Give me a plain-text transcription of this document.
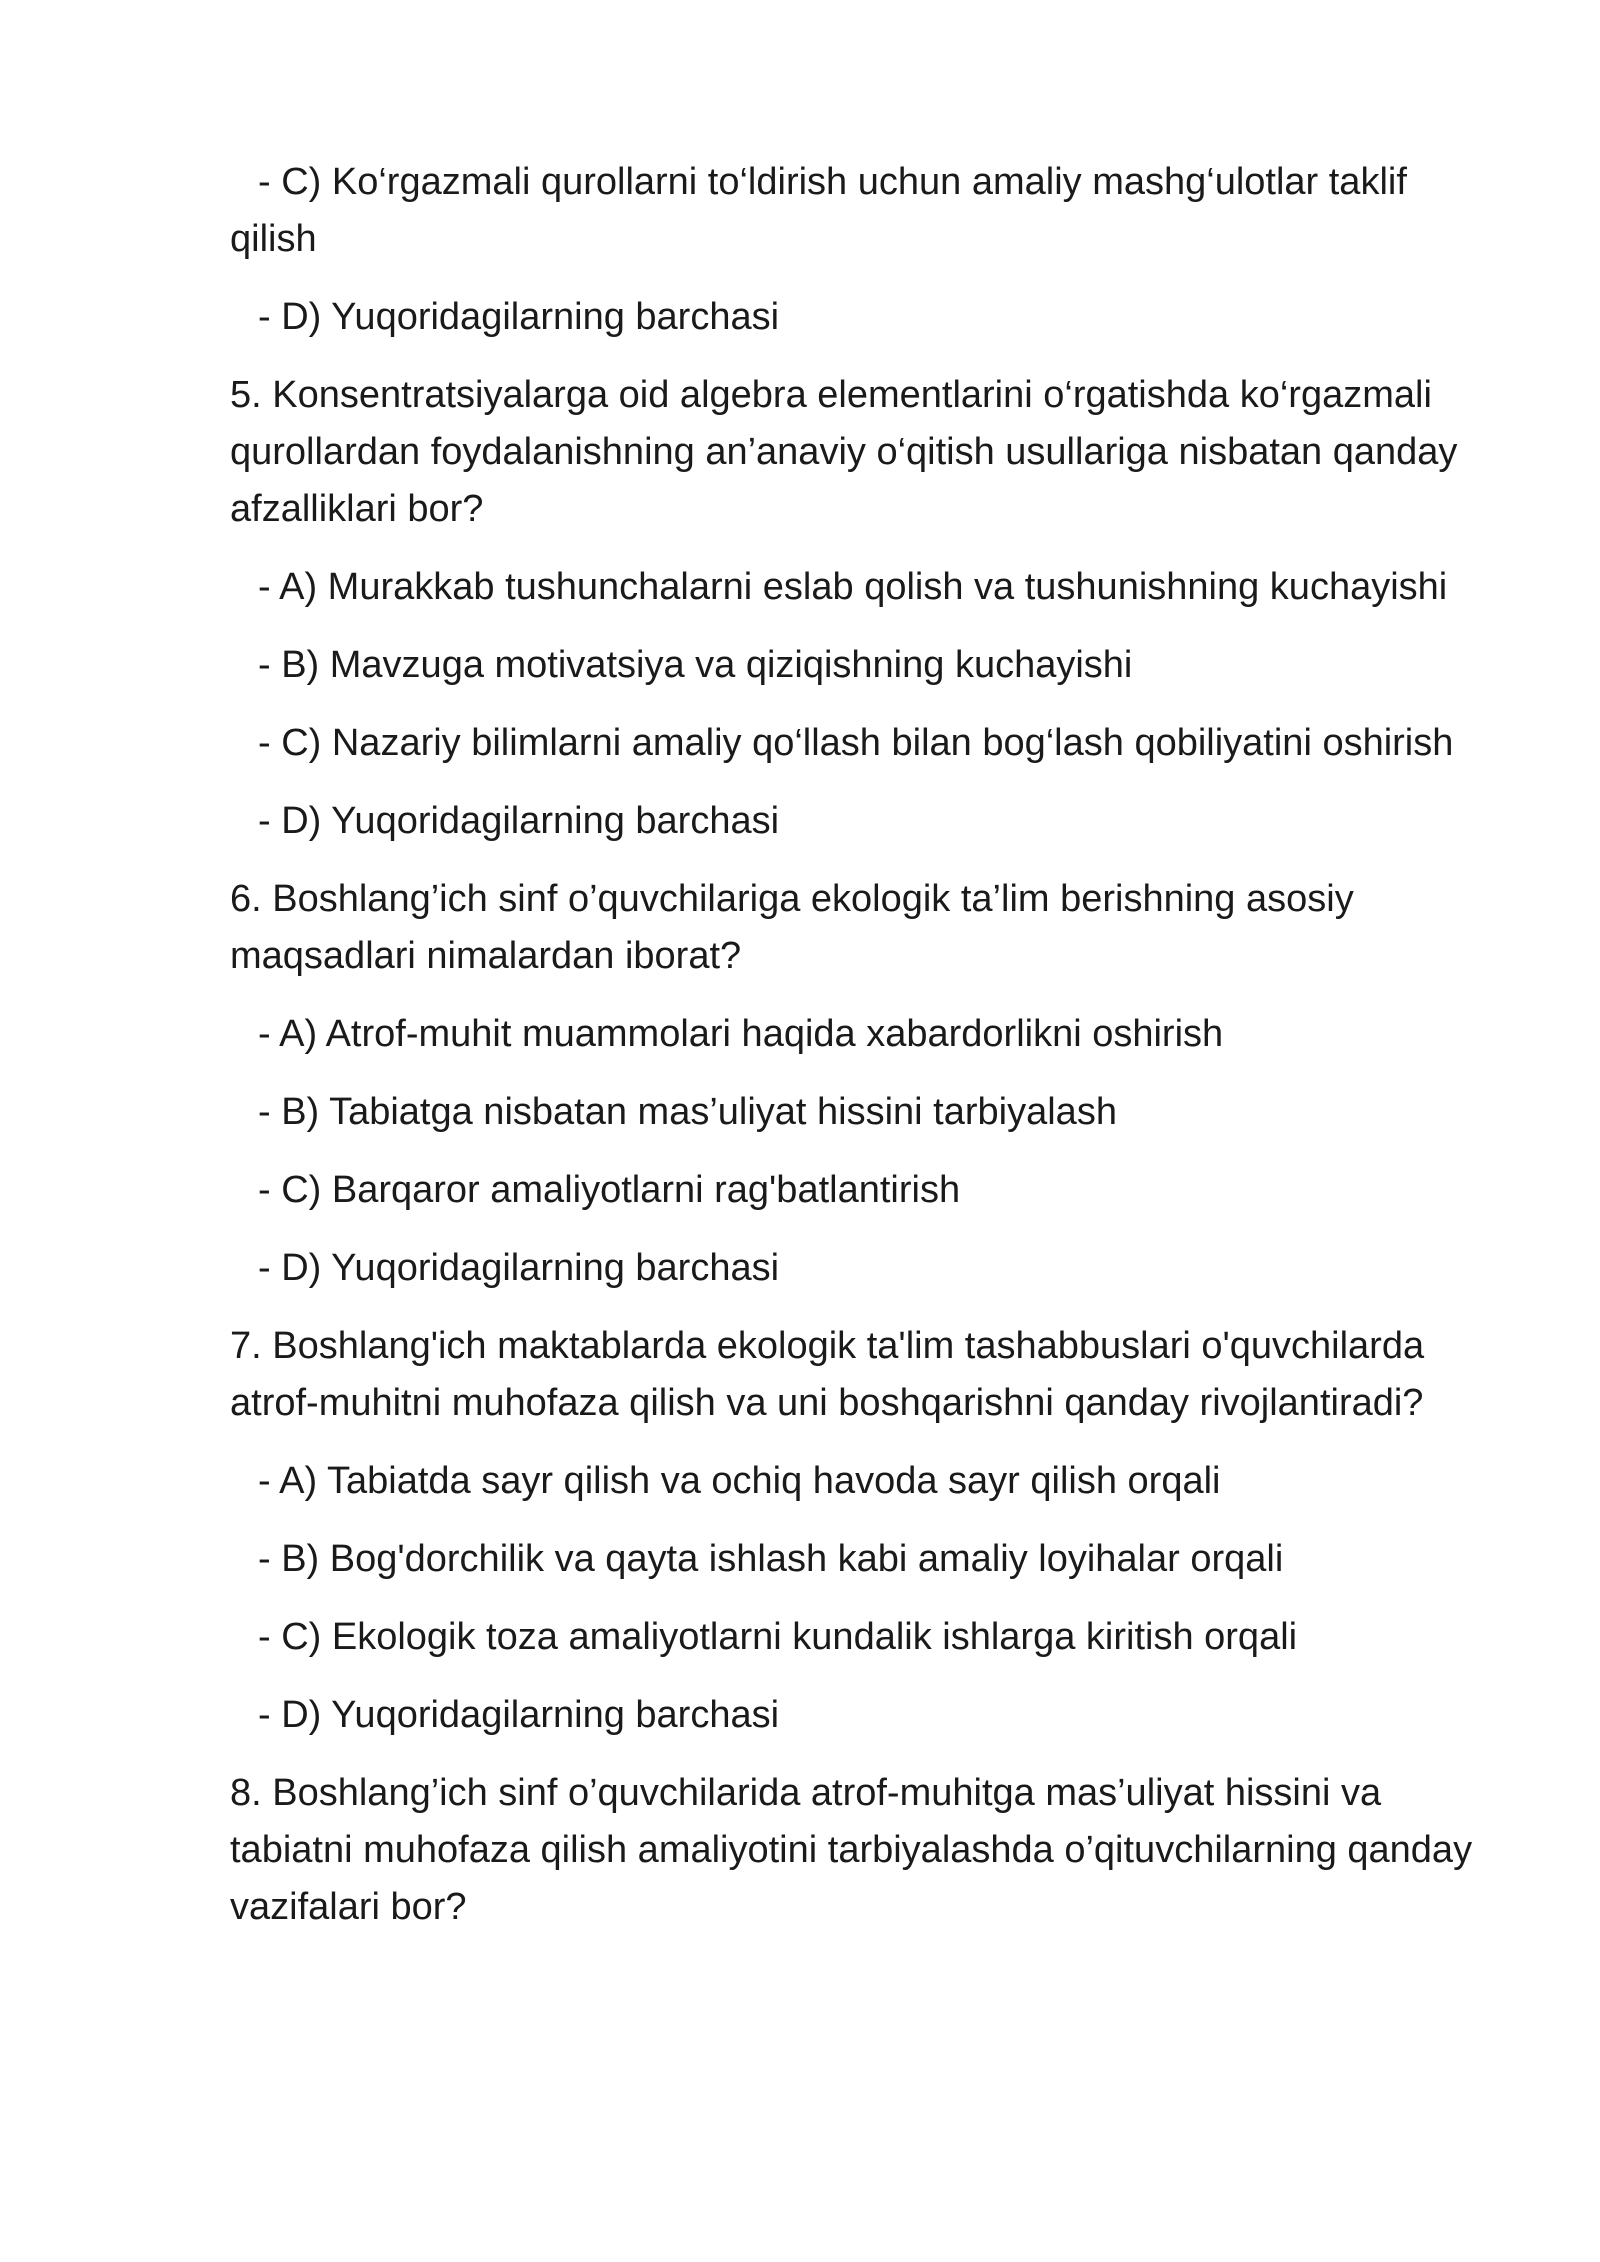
- C) Ko‘rgazmali qurollarni to‘ldirish uchun amaliy mashg‘ulotlar taklif qilish

- D) Yuqoridagilarning barchasi

5. Konsentratsiyalarga oid algebra elementlarini o‘rgatishda ko‘rgazmali qurollardan foydalanishning an’anaviy o‘qitish usullariga nisbatan qanday afzalliklari bor?

- A) Murakkab tushunchalarni eslab qolish va tushunishning kuchayishi

- B) Mavzuga motivatsiya va qiziqishning kuchayishi

- C) Nazariy bilimlarni amaliy qo‘llash bilan bog‘lash qobiliyatini oshirish

- D) Yuqoridagilarning barchasi

6. Boshlang’ich sinf o’quvchilariga ekologik ta’lim berishning asosiy maqsadlari nimalardan iborat?

- A) Atrof-muhit muammolari haqida xabardorlikni oshirish

- B) Tabiatga nisbatan mas’uliyat hissini tarbiyalash

- C) Barqaror amaliyotlarni rag'batlantirish

- D) Yuqoridagilarning barchasi

7. Boshlang'ich maktablarda ekologik ta'lim tashabbuslari o'quvchilarda atrof-muhitni muhofaza qilish va uni boshqarishni qanday rivojlantiradi?

- A) Tabiatda sayr qilish va ochiq havoda sayr qilish orqali

- B) Bog'dorchilik va qayta ishlash kabi amaliy loyihalar orqali

- C) Ekologik toza amaliyotlarni kundalik ishlarga kiritish orqali

- D) Yuqoridagilarning barchasi

8. Boshlang’ich sinf o’quvchilarida atrof-muhitga mas’uliyat hissini va tabiatni muhofaza qilish amaliyotini tarbiyalashda o’qituvchilarning qanday vazifalari bor?
